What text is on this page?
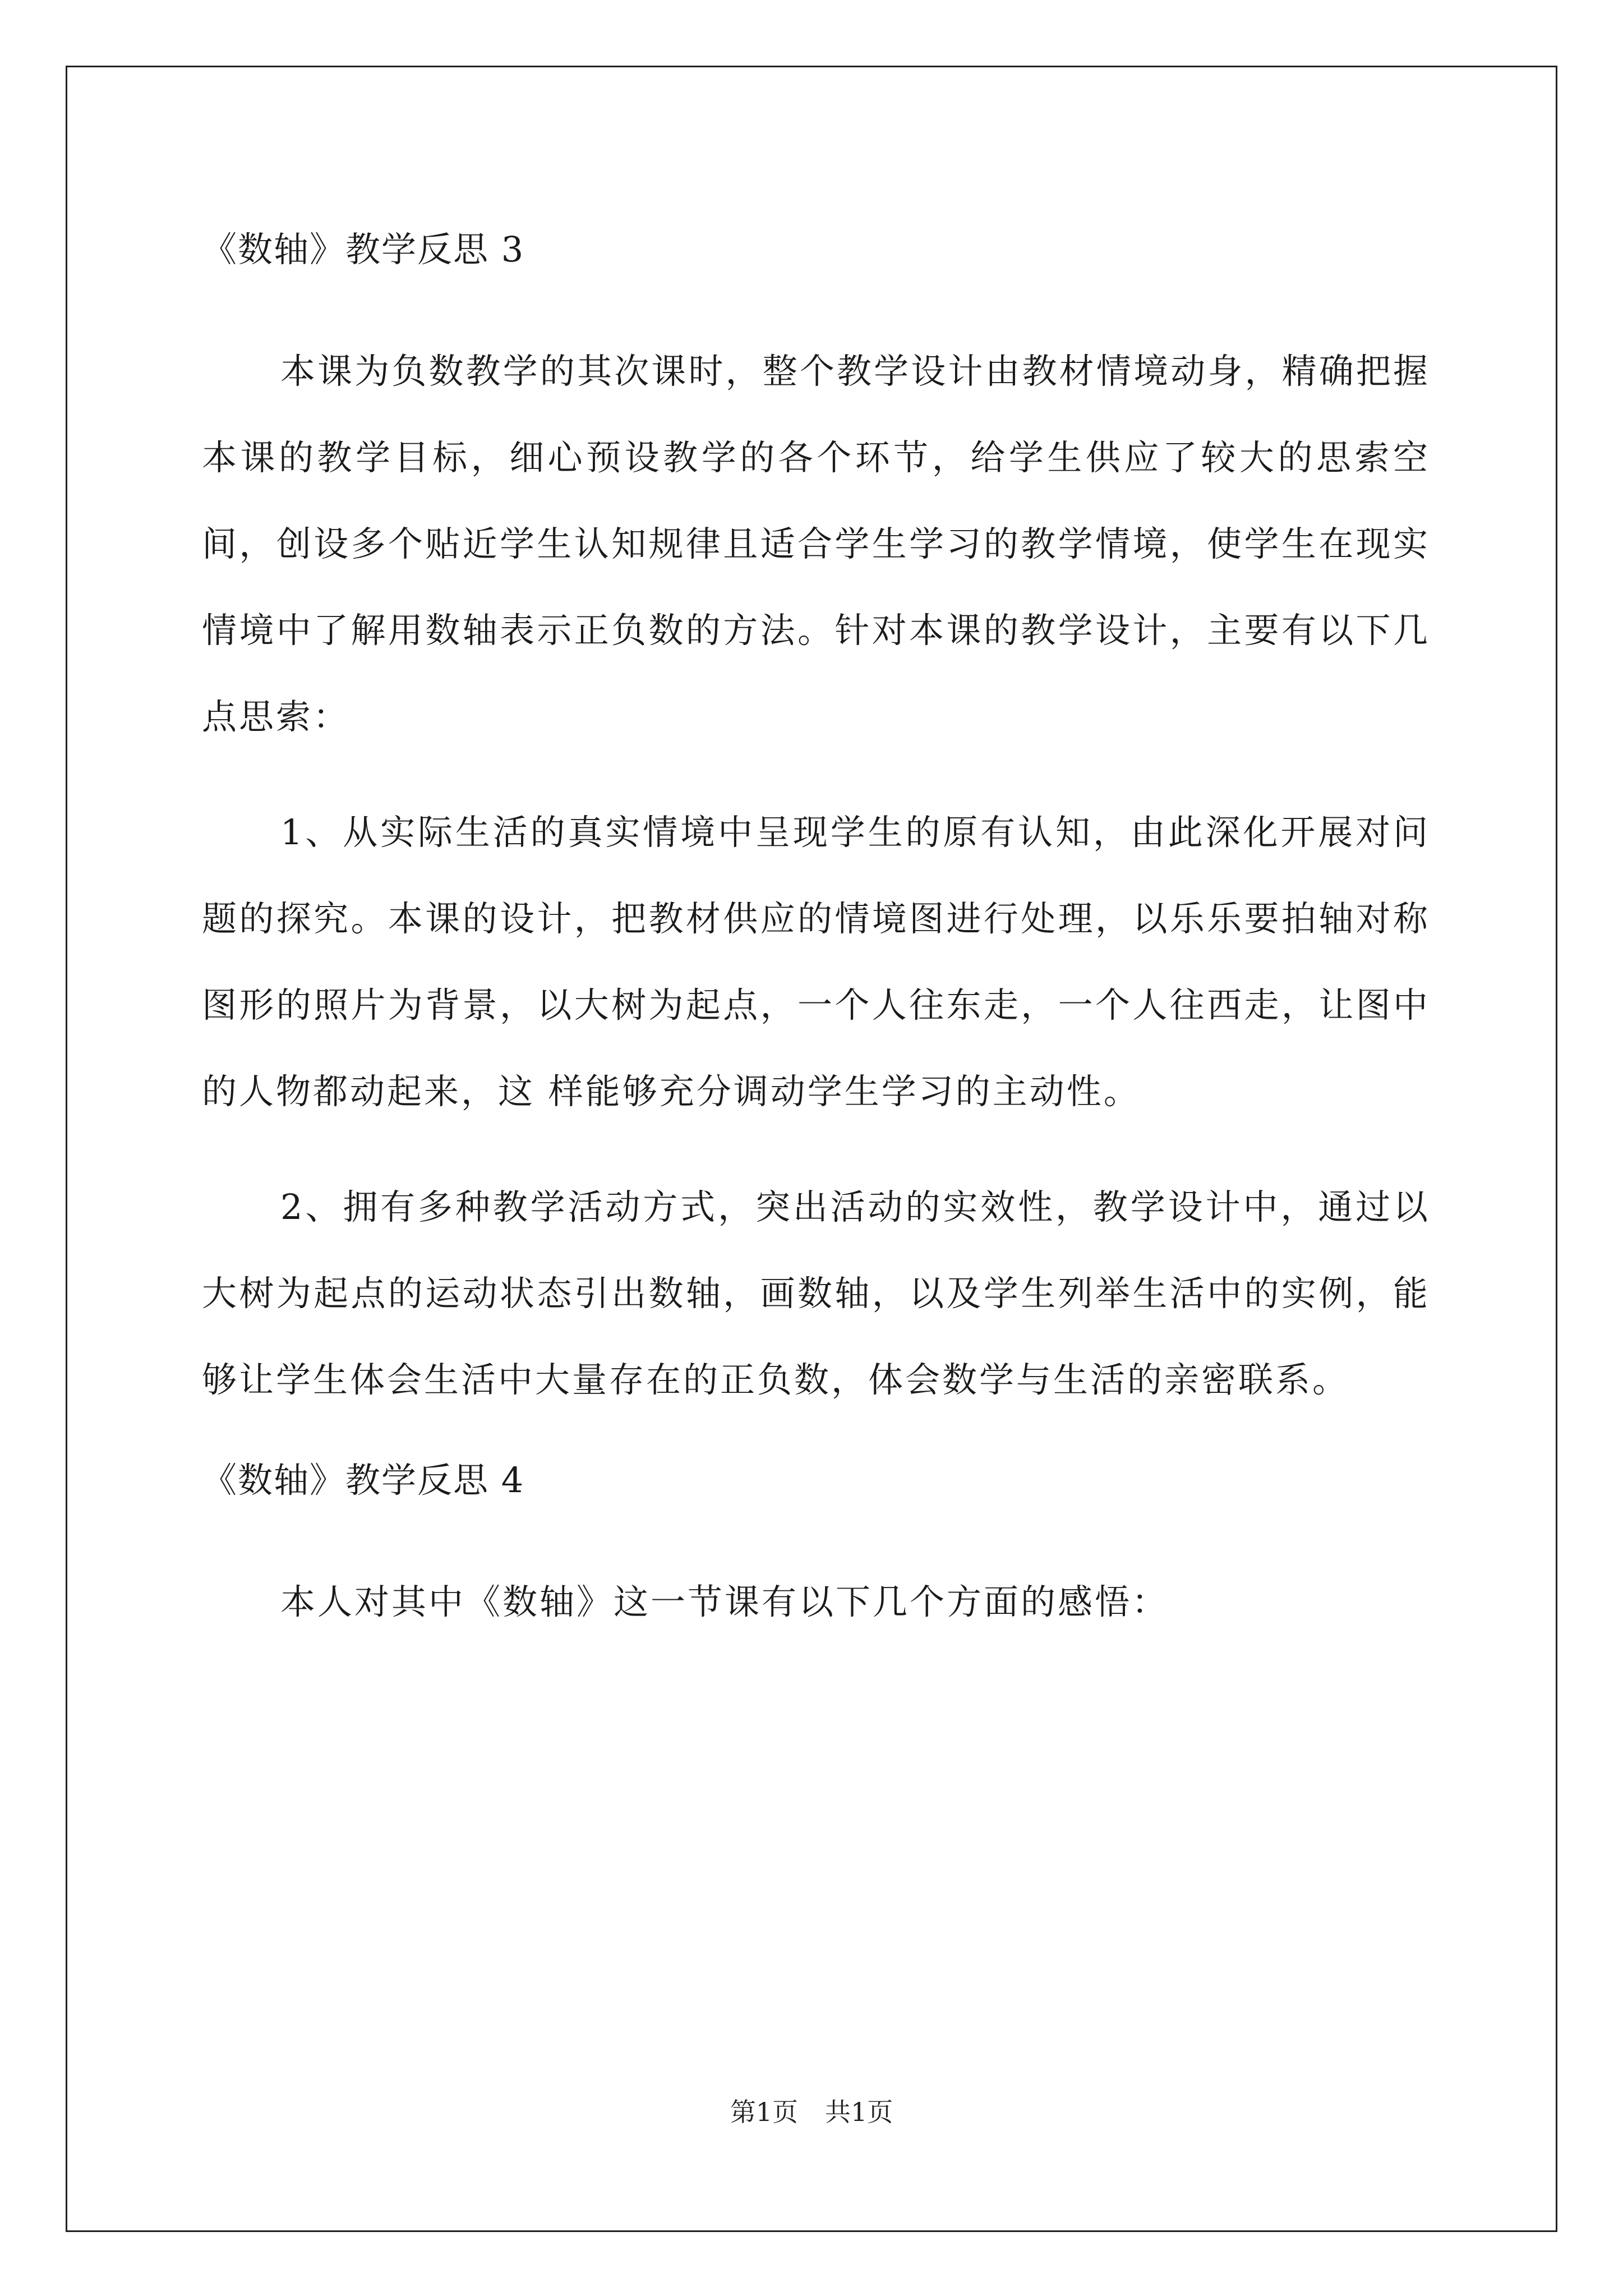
《数轴》教学反思 3

本课为负数教学的其次课时，整个教学设计由教材情境动身，精确把握本课的教学目标，细心预设教学的各个环节，给学生供应了较大的思索空间，创设多个贴近学生认知规律且适合学生学习的教学情境，使学生在现实情境中了解用数轴表示正负数的方法。针对本课的教学设计，主要有以下几点思索：

1、从实际生活的真实情境中呈现学生的原有认知，由此深化开展对问题的探究。本课的设计，把教材供应的情境图进行处理，以乐乐要拍轴对称图形的照片为背景，以大树为起点，一个人往东走，一个人往西走，让图中的人物都动起来，这 样能够充分调动学生学习的主动性。

2、拥有多种教学活动方式，突出活动的实效性，教学设计中，通过以大树为起点的运动状态引出数轴，画数轴，以及学生列举生活中的实例，能够让学生体会生活中大量存在的正负数，体会数学与生活的亲密联系。

《数轴》教学反思 4

本人对其中《数轴》这一节课有以下几个方面的感悟：

第1页 共1页
